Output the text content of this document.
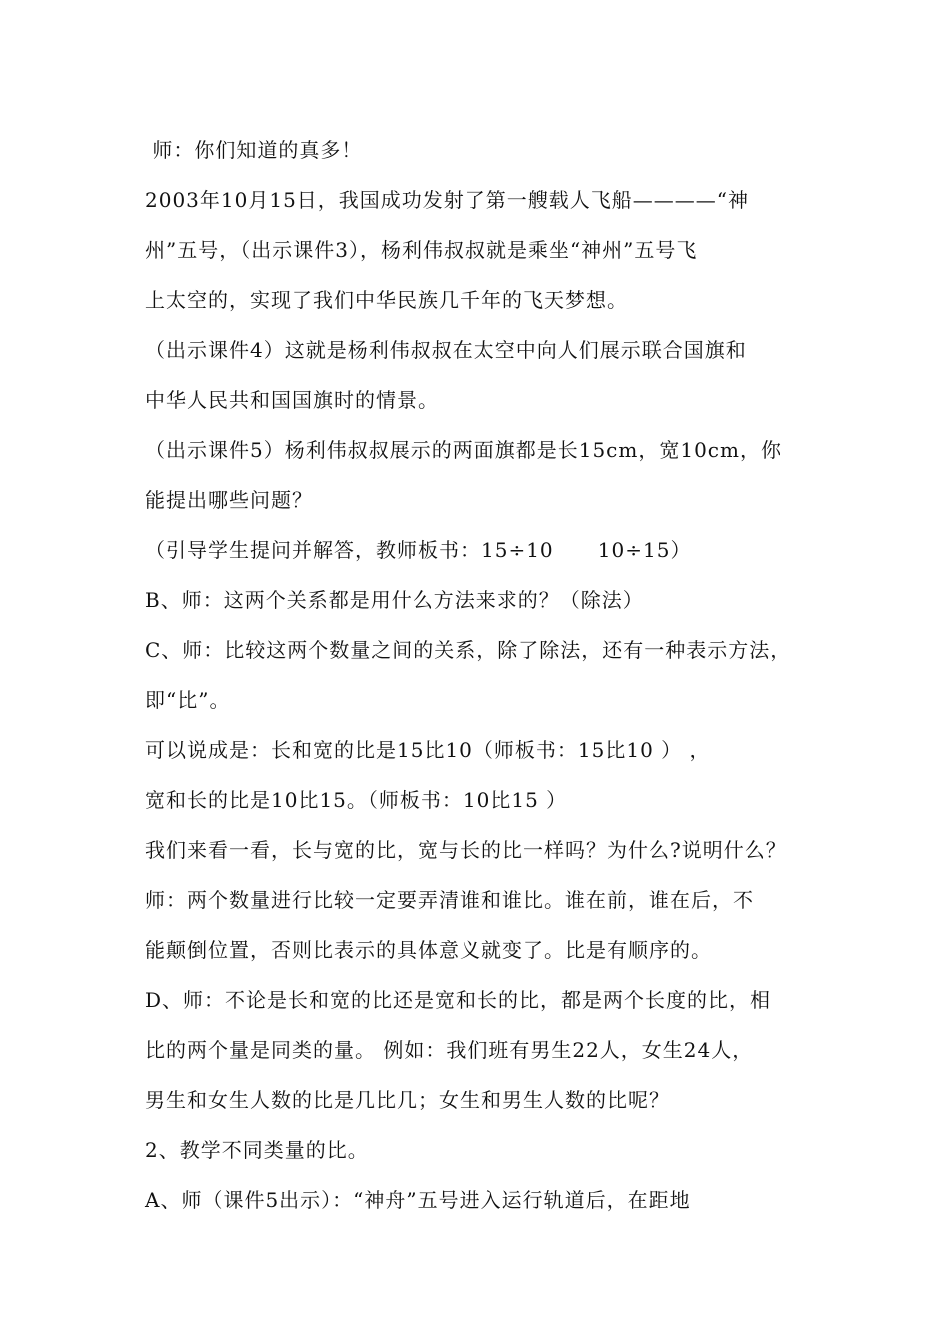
师：你们知道的真多！
2003年10月15日，我国成功发射了第一艘载人飞船————“神
州”五号，（出示课件3），杨利伟叔叔就是乘坐“神州”五号飞
上太空的，实现了我们中华民族几千年的飞天梦想。
（出示课件4）这就是杨利伟叔叔在太空中向人们展示联合国旗和
中华人民共和国国旗时的情景。
（出示课件5）杨利伟叔叔展示的两面旗都是长15cm，宽10cm，你
能提出哪些问题？
（引导学生提问并解答，教师板书：15÷10      10÷15）
B、师：这两个关系都是用什么方法来求的？（除法）
C、师：比较这两个数量之间的关系，除了除法，还有一种表示方法，
即“比”。
可以说成是：长和宽的比是15比10（师板书：15比10 ） ，
宽和长的比是10比15。（师板书：10比15 ）
我们来看一看，长与宽的比，宽与长的比一样吗？为什么?说明什么？
师：两个数量进行比较一定要弄清谁和谁比。谁在前，谁在后，不
能颠倒位置，否则比表示的具体意义就变了。比是有顺序的。
D、师：不论是长和宽的比还是宽和长的比，都是两个长度的比，相
比的两个量是同类的量。 例如：我们班有男生22人，女生24人，
男生和女生人数的比是几比几；女生和男生人数的比呢？
2、教学不同类量的比。
A、师（课件5出示）：“神舟”五号进入运行轨道后，在距地
